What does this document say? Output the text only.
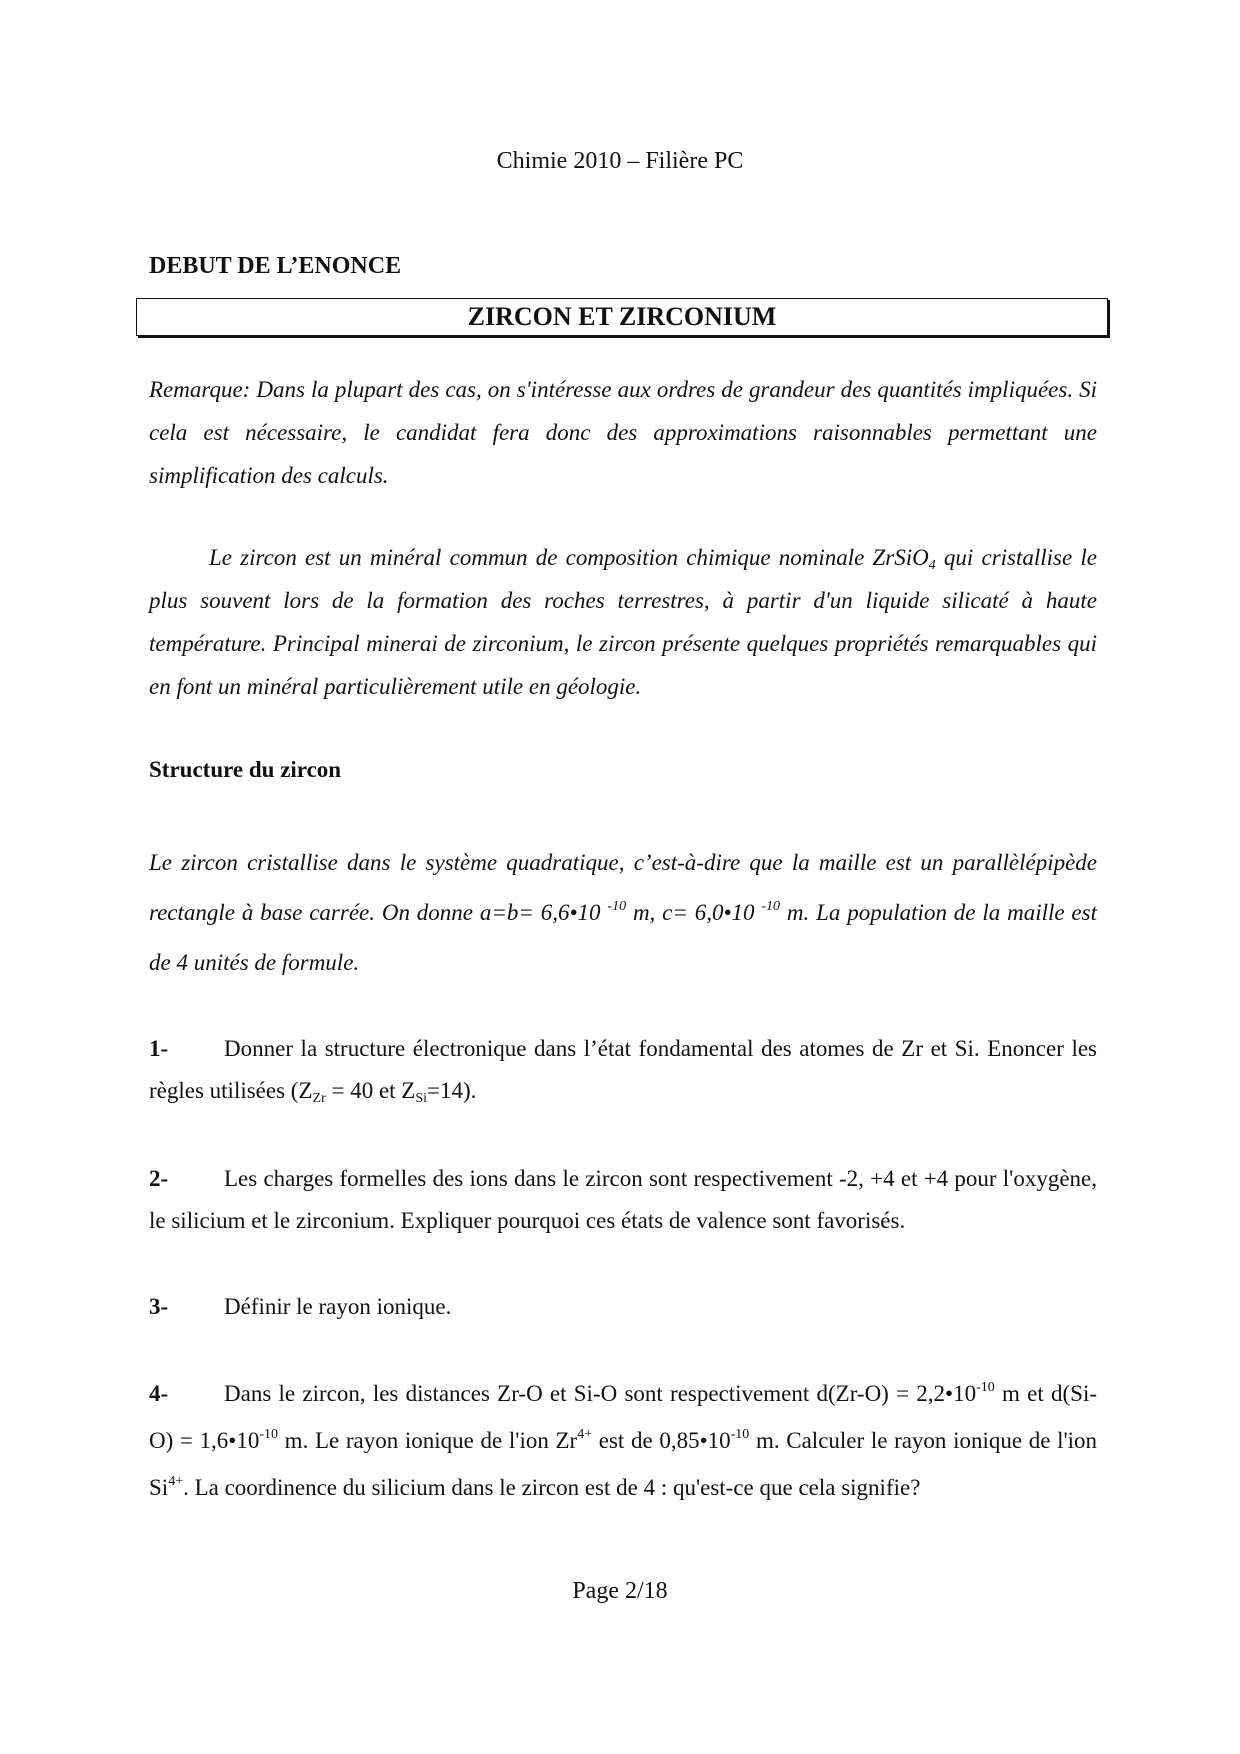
Chimie 2010 – Filière PC
DEBUT DE L’ENONCE
ZIRCON ET ZIRCONIUM
Remarque: Dans la plupart des cas, on s'intéresse aux ordres de grandeur des quantités impliquées. Si cela est nécessaire, le candidat fera donc des approximations raisonnables permettant une simplification des calculs.
Le zircon est un minéral commun de composition chimique nominale ZrSiO$_4$ qui cristallise le plus souvent lors de la formation des roches terrestres, à partir d'un liquide silicaté à haute température. Principal minerai de zirconium, le zircon présente quelques propriétés remarquables qui en font un minéral particulièrement utile en géologie.
Structure du zircon
Le zircon cristallise dans le système quadratique, c’est-à-dire que la maille est un parallèlépipède rectangle à base carrée. On donne a=b= 6,6•10 $^{-10}$ m, c= 6,0•10 $^{-10}$ m. La population de la maille est de 4 unités de formule.
1- Donner la structure électronique dans l’état fondamental des atomes de Zr et Si. Enoncer les règles utilisées ($Z_{Zr} = 40$ et $Z_{Si}=14$).
2- Les charges formelles des ions dans le zircon sont respectivement -2, +4 et +4 pour l'oxygène, le silicium et le zirconium. Expliquer pourquoi ces états de valence sont favorisés.
3- Définir le rayon ionique.
4- Dans le zircon, les distances Zr-O et Si-O sont respectivement $d(Zr-O) = 2,2•10^{-10}$ m et $d(Si-O) = 1,6•10^{-10}$ m. Le rayon ionique de l'ion $Zr^{4+}$ est de $0,85•10^{-10}$ m. Calculer le rayon ionique de l'ion $Si^{4+}$. La coordinence du silicium dans le zircon est de 4 : qu'est-ce que cela signifie?
Page 2/18
